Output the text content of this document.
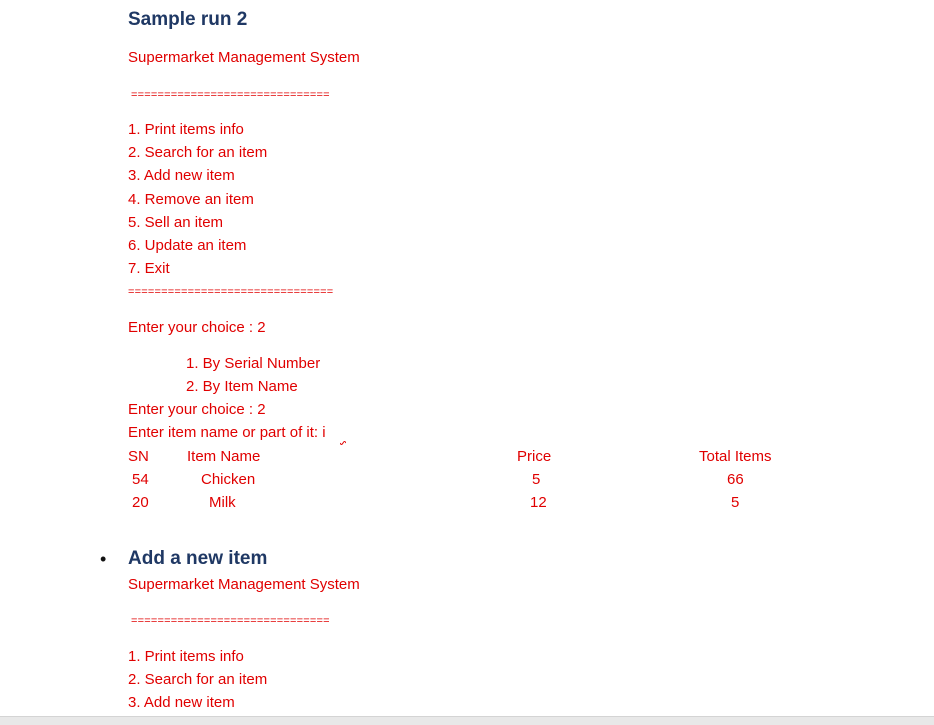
Sample run 2
Supermarket Management System
==============================
1. Print items info
2. Search for an item
3. Add new item
4. Remove an item
5. Sell an item
6. Update an item
7. Exit
===============================
Enter your choice : 2
1. By Serial Number
2. By Item Name
Enter your choice : 2
Enter item name or part of it: i
SN	Item Name	Price	Total Items
54	Chicken	5	66
20	Milk	12	5
• Add a new item
Supermarket Management System
==============================
1. Print items info
2. Search for an item
3. Add new item
